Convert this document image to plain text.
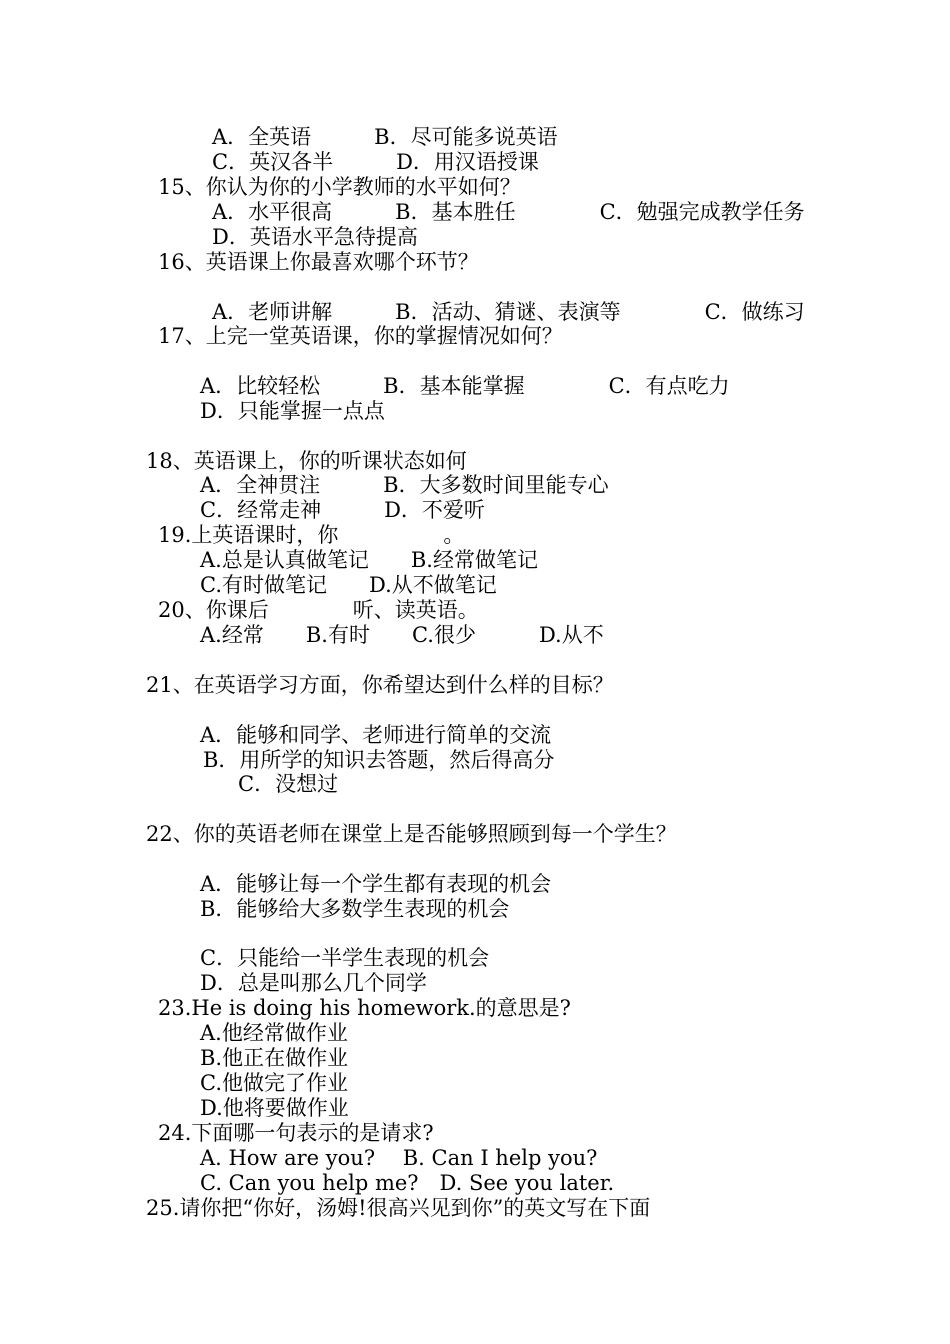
A．全英语　　　B．尽可能多说英语
C．英汉各半　　　D．用汉语授课
15、你认为你的小学教师的水平如何？
A．水平很高　　　B．基本胜任　　　　C．勉强完成教学任务
D．英语水平急待提高
16、英语课上你最喜欢哪个环节？
A．老师讲解　　　B．活动、猜谜、表演等　　　　C．做练习
17、上完一堂英语课，你的掌握情况如何？
A．比较轻松　　　B．基本能掌握　　　　C．有点吃力
D．只能掌握一点点
18、英语课上，你的听课状态如何
A．全神贯注　　　B．大多数时间里能专心
C．经常走神　　　D．不爱听
19.上英语课时，你　　　　　。
A.总是认真做笔记　　B.经常做笔记
C.有时做笔记　　D.从不做笔记
20、你课后　　　　听、读英语。
A.经常　　B.有时　　C.很少　　　D.从不
21、在英语学习方面，你希望达到什么样的目标？
A．能够和同学、老师进行简单的交流
B．用所学的知识去答题，然后得高分
C．没想过
22、你的英语老师在课堂上是否能够照顾到每一个学生？
A．能够让每一个学生都有表现的机会
B．能够给大多数学生表现的机会
C．只能给一半学生表现的机会
D．总是叫那么几个同学
23.He is doing his homework.的意思是?
A.他经常做作业
B.他正在做作业
C.他做完了作业
D.他将要做作业
24.下面哪一句表示的是请求?
A. How are you?　 B. Can I help you?
C. Can you help me?　D. See you later.
25.请你把“你好，汤姆!很高兴见到你”的英文写在下面
